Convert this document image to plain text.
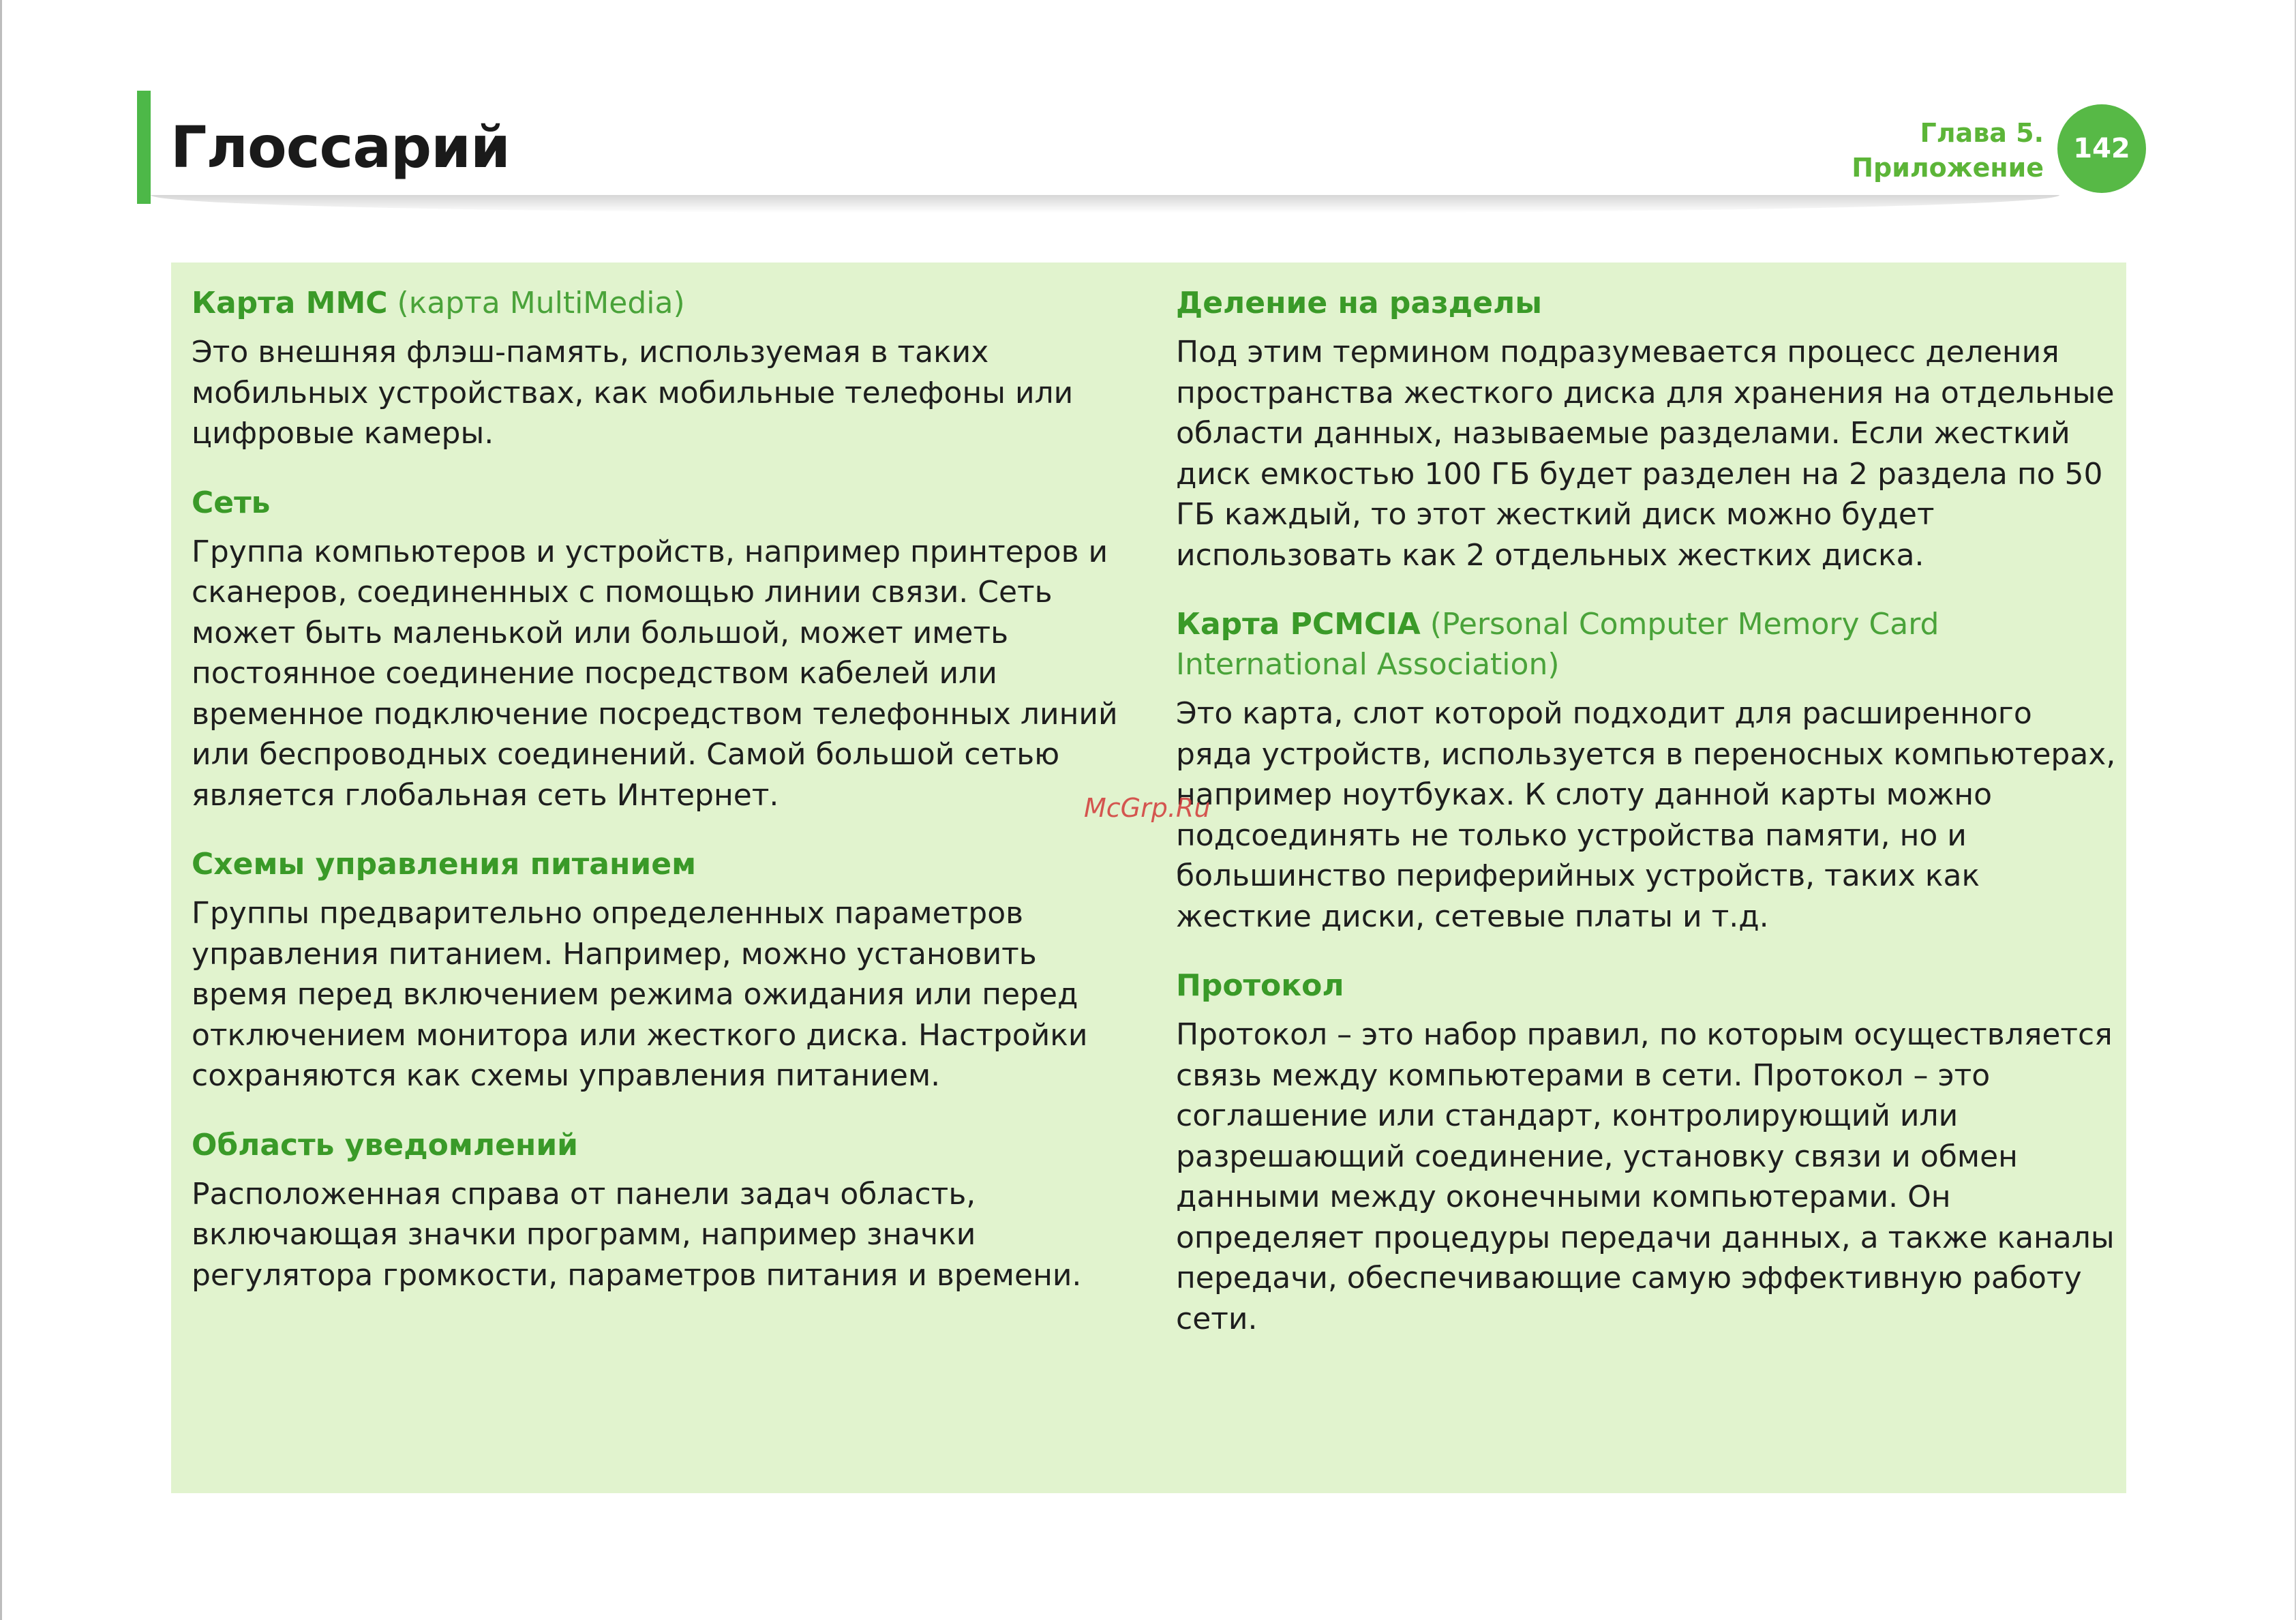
Глоссарий	Глава 5.
Приложение
142

Карта MMC (карта MultiMedia)

Это внешняя флэш-память, используемая в таких мобильных устройствах, как мобильные телефоны или цифровые камеры.

Сеть

Группа компьютеров и устройств, например принтеров и сканеров, соединенных с помощью линии связи. Сеть может быть маленькой или большой, может иметь постоянное соединение посредством кабелей или временное подключение посредством телефонных линий или беспроводных соединений. Самой большой сетью является глобальная сеть Интернет.

Схемы управления питанием

Группы предварительно определенных параметров управления питанием. Например, можно установить время перед включением режима ожидания или перед отключением монитора или жесткого диска. Настройки сохраняются как схемы управления питанием.

Область уведомлений

Расположенная справа от панели задач область, включающая значки программ, например значки регулятора громкости, параметров питания и времени.

Деление на разделы

Под этим термином подразумевается процесс деления пространства жесткого диска для хранения на отдельные области данных, называемые разделами. Если жесткий диск емкостью 100 ГБ будет разделен на 2 раздела по 50 ГБ каждый, то этот жесткий диск можно будет использовать как 2 отдельных жестких диска.

Карта PCMCIA (Personal Computer Memory Card International Association)

Это карта, слот которой подходит для расширенного ряда устройств, используется в переносных компьютерах, например ноутбуках. К слоту данной карты можно подсоединять не только устройства памяти, но и большинство периферийных устройств, таких как жесткие диски, сетевые платы и т.д.

Протокол

Протокол – это набор правил, по которым осуществляется связь между компьютерами в сети. Протокол – это соглашение или стандарт, контролирующий или разрешающий соединение, установку связи и обмен данными между оконечными компьютерами. Он определяет процедуры передачи данных, а также каналы передачи, обеспечивающие самую эффективную работу сети.

McGrp.Ru
